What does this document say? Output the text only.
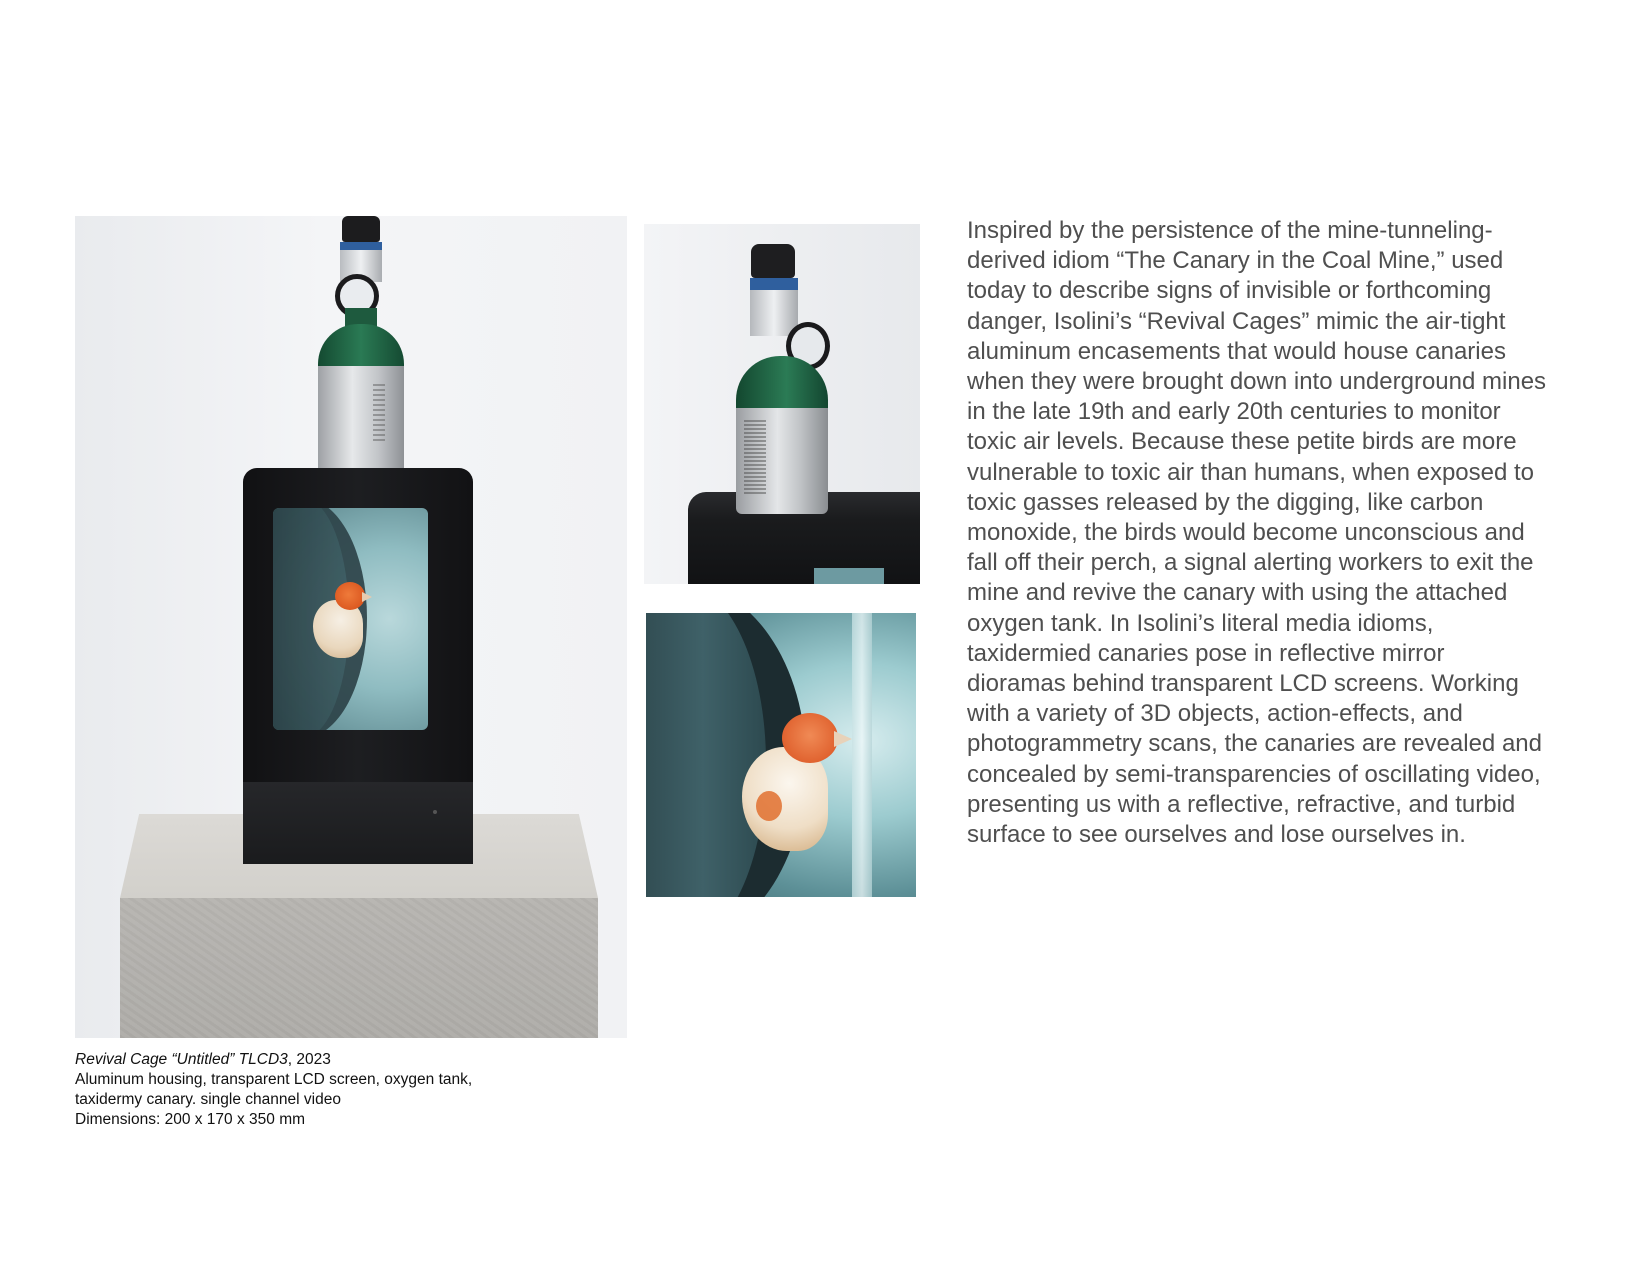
Revival Cage “Untitled” TLCD3, 2023
Aluminum housing, transparent LCD screen, oxygen tank,
taxidermy canary. single channel video
Dimensions: 200 x 170 x 350 mm
Inspired by the persistence of the mine-tunneling-
derived idiom “The Canary in the Coal Mine,” used
today to describe signs of invisible or forthcoming
danger, Isolini’s “Revival Cages” mimic the air-tight
aluminum encasements that would house canaries
when they were brought down into underground mines
in the late 19th and early 20th centuries to monitor
toxic air levels. Because these petite birds are more
vulnerable to toxic air than humans, when exposed to
toxic gasses released by the digging, like carbon
monoxide, the birds would become unconscious and
fall off their perch, a signal alerting workers to exit the
mine and revive the canary with using the attached
oxygen tank. In Isolini’s literal media idioms,
taxidermied canaries pose in reflective mirror
dioramas behind transparent LCD screens. Working
with a variety of 3D objects, action-effects, and
photogrammetry scans, the canaries are revealed and
concealed by semi-transparencies of oscillating video,
presenting us with a reflective, refractive, and turbid
surface to see ourselves and lose ourselves in.
